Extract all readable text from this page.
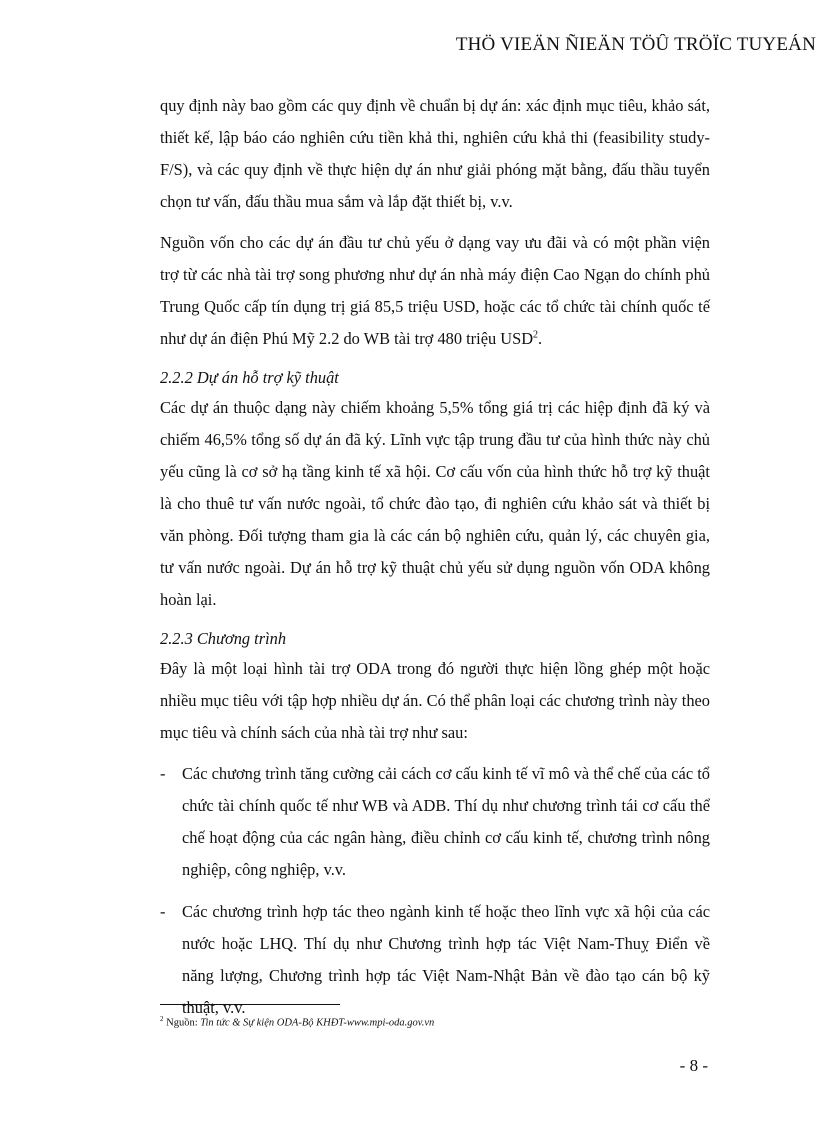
THÖ VIEÄN ÑIEÄN TÖÛ TRÖÏC TUYEÁN

quy định này bao gồm các quy định về chuẩn bị dự án: xác định mục tiêu, khảo sát, thiết kế, lập báo cáo nghiên cứu tiền khả thi, nghiên cứu khả thi (feasibility study- F/S), và các quy định về thực hiện dự án như giải phóng mặt bằng, đấu thầu tuyển chọn tư vấn, đấu thầu mua sắm và lắp đặt thiết bị, v.v.

Nguồn vốn cho các dự án đầu tư chủ yếu ở dạng vay ưu đãi và có một phần viện trợ từ các nhà tài trợ song phương như dự án nhà máy điện Cao Ngạn do chính phủ Trung Quốc cấp tín dụng trị giá 85,5 triệu USD, hoặc các tổ chức tài chính quốc tế như dự án điện Phú Mỹ 2.2 do WB tài trợ 480 triệu USD$^2$.

2.2.2 Dự án hỗ trợ kỹ thuật

Các dự án thuộc dạng này chiếm khoảng 5,5% tổng giá trị các hiệp định đã ký và chiếm 46,5% tổng số dự án đã ký. Lĩnh vực tập trung đầu tư của hình thức này chủ yếu cũng là cơ sở hạ tầng kinh tế xã hội. Cơ cấu vốn của hình thức hỗ trợ kỹ thuật là cho thuê tư vấn nước ngoài, tổ chức đào tạo, đi nghiên cứu khảo sát và thiết bị văn phòng. Đối tượng tham gia là các cán bộ nghiên cứu, quản lý, các chuyên gia, tư vấn nước ngoài. Dự án hỗ trợ kỹ thuật chủ yếu sử dụng nguồn vốn ODA không hoàn lại.

2.2.3 Chương trình

Đây là một loại hình tài trợ ODA trong đó người thực hiện lồng ghép một hoặc nhiều mục tiêu với tập hợp nhiều dự án. Có thể phân loại các chương trình này theo mục tiêu và chính sách của nhà tài trợ như sau:

- Các chương trình tăng cường cải cách cơ cấu kinh tế vĩ mô và thể chế của các tổ chức tài chính quốc tế như WB và ADB. Thí dụ như chương trình tái cơ cấu thể chế hoạt động của các ngân hàng, điều chỉnh cơ cấu kinh tế, chương trình nông nghiệp, công nghiệp, v.v.
- Các chương trình hợp tác theo ngành kinh tế hoặc theo lĩnh vực xã hội của các nước hoặc LHQ. Thí dụ như Chương trình hợp tác Việt Nam-Thuỵ Điển về năng lượng, Chương trình hợp tác Việt Nam-Nhật Bản về đào tạo cán bộ kỹ thuật, v.v.
$^2$ Nguồn: Tin tức & Sự kiện ODA-Bộ KHĐT-www.mpi-oda.gov.vn
- 8 -
